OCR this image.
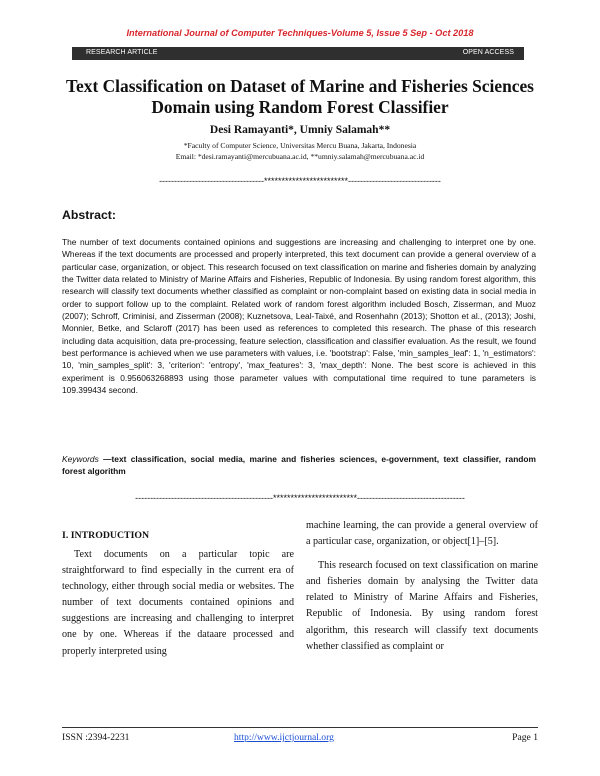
International Journal of Computer Techniques-Volume 5, Issue 5 Sep - Oct 2018
RESEARCH ARTICLE	OPEN ACCESS
Text Classification on Dataset of Marine and Fisheries Sciences Domain using Random Forest Classifier
Desi Ramayanti*, Umniy Salamah**
*Faculty of Computer Science, Universitas Mercu Buana, Jakarta, Indonesia
Email: *desi.ramayanti@mercubuana.ac.id, **umniy.salamah@mercubuana.ac.id
-----------------------------------************************-------------------------------
Abstract:
The number of text documents contained opinions and suggestions are increasing and challenging to interpret one by one. Whereas if the text documents are processed and properly interpreted, this text document can provide a general overview of a particular case, organization, or object. This research focused on text classification on marine and fisheries domain by analyzing the Twitter data related to Ministry of Marine Affairs and Fisheries, Republic of Indonesia. By using random forest algorithm, this research will classify text documents whether classified as complaint or non-complaint based on existing data in social media in order to support follow up to the complaint. Related work of random forest algorithm included Bosch, Zisserman, and Muoz (2007); Schroff, Criminisi, and Zisserman (2008); Kuznetsova, Leal-Taixé, and Rosenhahn (2013); Shotton et al., (2013); Joshi, Monnier, Betke, and Sclaroff (2017) has been used as references to completed this research. The phase of this research including data acquisition, data pre-processing, feature selection, classification and classifier evaluation. As the result, we found best performance is achieved when we use parameters with values, i.e. 'bootstrap': False, 'min_samples_leaf': 1, 'n_estimators': 10, 'min_samples_split': 3, 'criterion': 'entropy', 'max_features': 3, 'max_depth': None. The best score is achieved in this experiment is 0.956063268893 using those parameter values with computational time required to tune parameters is 109.399434 second.
Keywords —text classification, social media, marine and fisheries sciences, e-government, text classifier, random forest algorithm
----------------------------------------------************************------------------------------------
I. INTRODUCTION

Text documents on a particular topic are straightforward to find especially in the current era of technology, either through social media or websites. The number of text documents contained opinions and suggestions are increasing and challenging to interpret one by one. Whereas if the dataare processed and properly interpreted using

machine learning, the can provide a general overview of a particular case, organization, or object[1]–[5].

This research focused on text classification on marine and fisheries domain by analysing the Twitter data related to Ministry of Marine Affairs and Fisheries, Republic of Indonesia. By using random forest algorithm, this research will classify text documents whether classified as complaint or

ISSN :2394-2231	http://www.ijctjournal.org	Page 1
